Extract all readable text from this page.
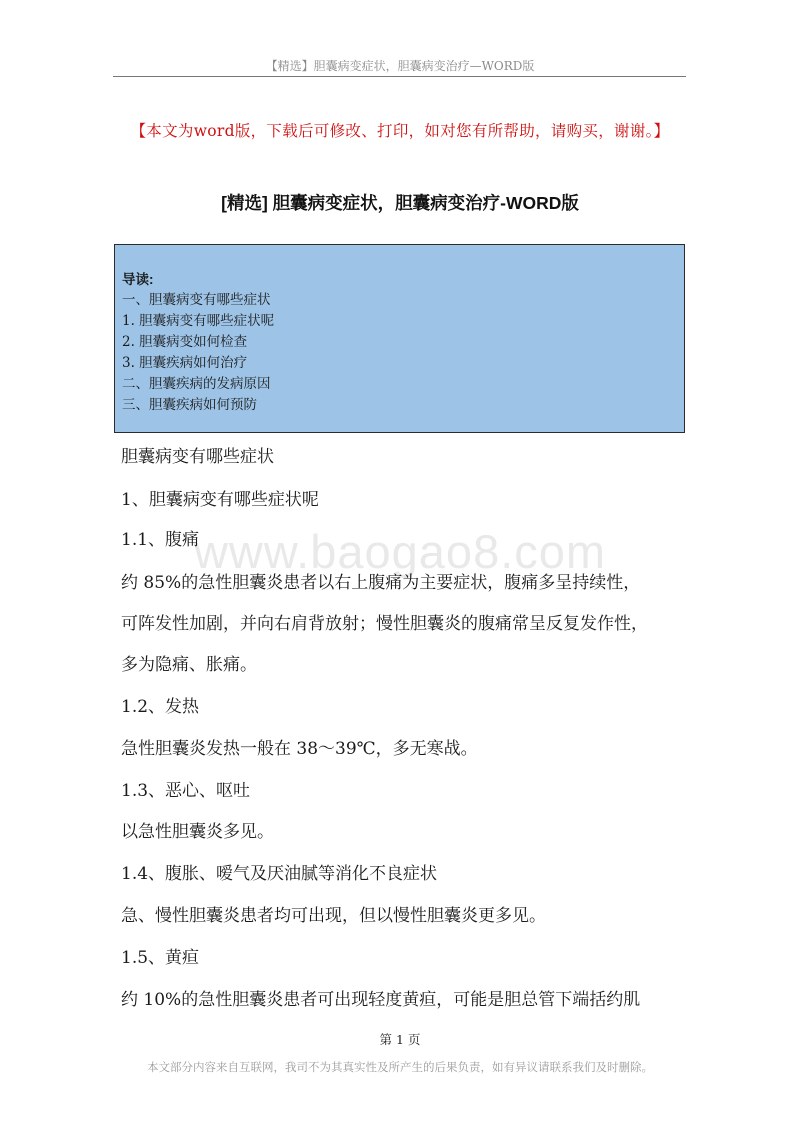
【精选】胆囊病变症状，胆囊病变治疗—WORD版
【本文为word版，下载后可修改、打印，如对您有所帮助，请购买，谢谢。】
[精选] 胆囊病变症状，胆囊病变治疗-WORD版
导读:
一、胆囊病变有哪些症状
1. 胆囊病变有哪些症状呢
2. 胆囊病变如何检查
3. 胆囊疾病如何治疗
二、胆囊疾病的发病原因
三、胆囊疾病如何预防
www.baogao8.com
胆囊病变有哪些症状
1、胆囊病变有哪些症状呢
1.1、腹痛
约 85%的急性胆囊炎患者以右上腹痛为主要症状，腹痛多呈持续性，
可阵发性加剧，并向右肩背放射；慢性胆囊炎的腹痛常呈反复发作性，
多为隐痛、胀痛。
1.2、发热
急性胆囊炎发热一般在 38～39℃，多无寒战。
1.3、恶心、呕吐
以急性胆囊炎多见。
1.4、腹胀、嗳气及厌油腻等消化不良症状
急、慢性胆囊炎患者均可出现，但以慢性胆囊炎更多见。
1.5、黄疸
约 10%的急性胆囊炎患者可出现轻度黄疸，可能是胆总管下端括约肌
第 1 页
本文部分内容来自互联网，我司不为其真实性及所产生的后果负责，如有异议请联系我们及时删除。
